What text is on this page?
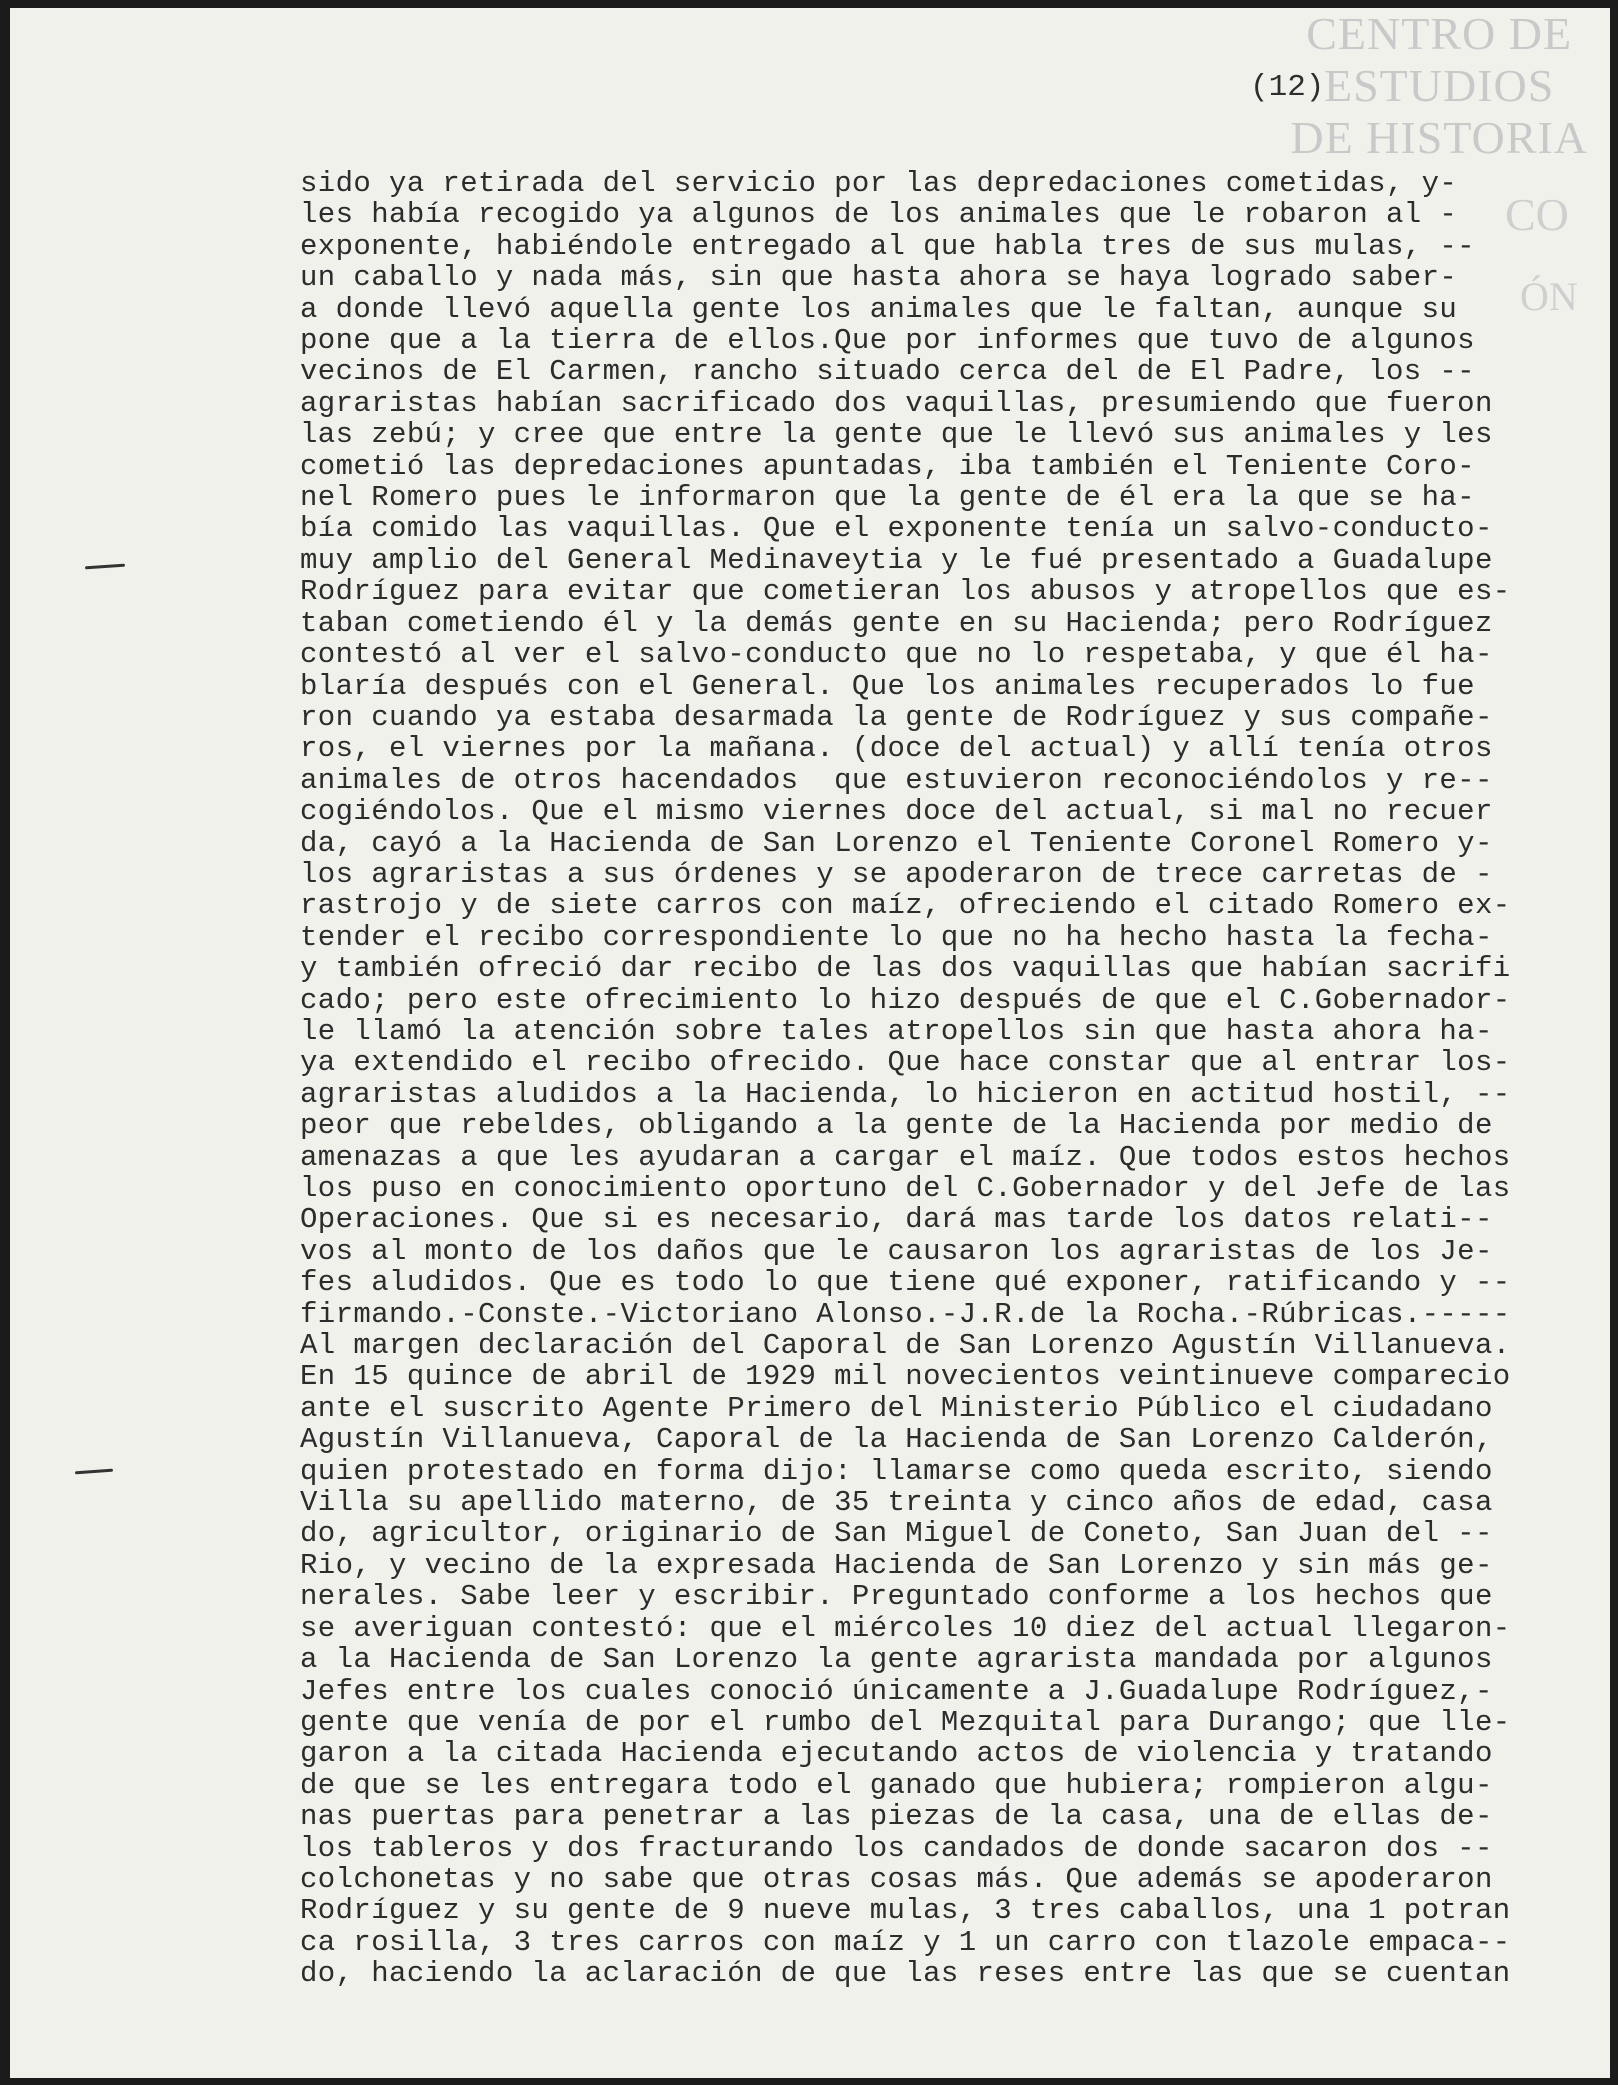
CENTRO DE
ESTUDIOS
DE HISTORIA
CO
ÓN
(12)
sido ya retirada del servicio por las depredaciones cometidas, y-
les había recogido ya algunos de los animales que le robaron al -
exponente, habiéndole entregado al que habla tres de sus mulas, --
un caballo y nada más, sin que hasta ahora se haya logrado saber-
a donde llevó aquella gente los animales que le faltan, aunque su
pone que a la tierra de ellos.Que por informes que tuvo de algunos
vecinos de El Carmen, rancho situado cerca del de El Padre, los --
agraristas habían sacrificado dos vaquillas, presumiendo que fueron
las zebú; y cree que entre la gente que le llevó sus animales y les
cometió las depredaciones apuntadas, iba también el Teniente Coro-
nel Romero pues le informaron que la gente de él era la que se ha-
bía comido las vaquillas. Que el exponente tenía un salvo-conducto-
muy amplio del General Medinaveytia y le fué presentado a Guadalupe
Rodríguez para evitar que cometieran los abusos y atropellos que es-
taban cometiendo él y la demás gente en su Hacienda; pero Rodríguez
contestó al ver el salvo-conducto que no lo respetaba, y que él ha-
blaría después con el General. Que los animales recuperados lo fue
ron cuando ya estaba desarmada la gente de Rodríguez y sus compañe-
ros, el viernes por la mañana. (doce del actual) y allí tenía otros
animales de otros hacendados  que estuvieron reconociéndolos y re--
cogiéndolos. Que el mismo viernes doce del actual, si mal no recuer
da, cayó a la Hacienda de San Lorenzo el Teniente Coronel Romero y-
los agraristas a sus órdenes y se apoderaron de trece carretas de -
rastrojo y de siete carros con maíz, ofreciendo el citado Romero ex-
tender el recibo correspondiente lo que no ha hecho hasta la fecha-
y también ofreció dar recibo de las dos vaquillas que habían sacrifi
cado; pero este ofrecimiento lo hizo después de que el C.Gobernador-
le llamó la atención sobre tales atropellos sin que hasta ahora ha-
ya extendido el recibo ofrecido. Que hace constar que al entrar los-
agraristas aludidos a la Hacienda, lo hicieron en actitud hostil, --
peor que rebeldes, obligando a la gente de la Hacienda por medio de
amenazas a que les ayudaran a cargar el maíz. Que todos estos hechos
los puso en conocimiento oportuno del C.Gobernador y del Jefe de las
Operaciones. Que si es necesario, dará mas tarde los datos relati--
vos al monto de los daños que le causaron los agraristas de los Je-
fes aludidos. Que es todo lo que tiene qué exponer, ratificando y --
firmando.-Conste.-Victoriano Alonso.-J.R.de la Rocha.-Rúbricas.-----
Al margen declaración del Caporal de San Lorenzo Agustín Villanueva.
En 15 quince de abril de 1929 mil novecientos veintinueve comparecio
ante el suscrito Agente Primero del Ministerio Público el ciudadano
Agustín Villanueva, Caporal de la Hacienda de San Lorenzo Calderón,
quien protestado en forma dijo: llamarse como queda escrito, siendo
Villa su apellido materno, de 35 treinta y cinco años de edad, casa
do, agricultor, originario de San Miguel de Coneto, San Juan del --
Rio, y vecino de la expresada Hacienda de San Lorenzo y sin más ge-
nerales. Sabe leer y escribir. Preguntado conforme a los hechos que
se averiguan contestó: que el miércoles 10 diez del actual llegaron-
a la Hacienda de San Lorenzo la gente agrarista mandada por algunos
Jefes entre los cuales conoció únicamente a J.Guadalupe Rodríguez,-
gente que venía de por el rumbo del Mezquital para Durango; que lle-
garon a la citada Hacienda ejecutando actos de violencia y tratando
de que se les entregara todo el ganado que hubiera; rompieron algu-
nas puertas para penetrar a las piezas de la casa, una de ellas de-
los tableros y dos fracturando los candados de donde sacaron dos --
colchonetas y no sabe que otras cosas más. Que además se apoderaron
Rodríguez y su gente de 9 nueve mulas, 3 tres caballos, una 1 potran
ca rosilla, 3 tres carros con maíz y 1 un carro con tlazole empaca--
do, haciendo la aclaración de que las reses entre las que se cuentan
